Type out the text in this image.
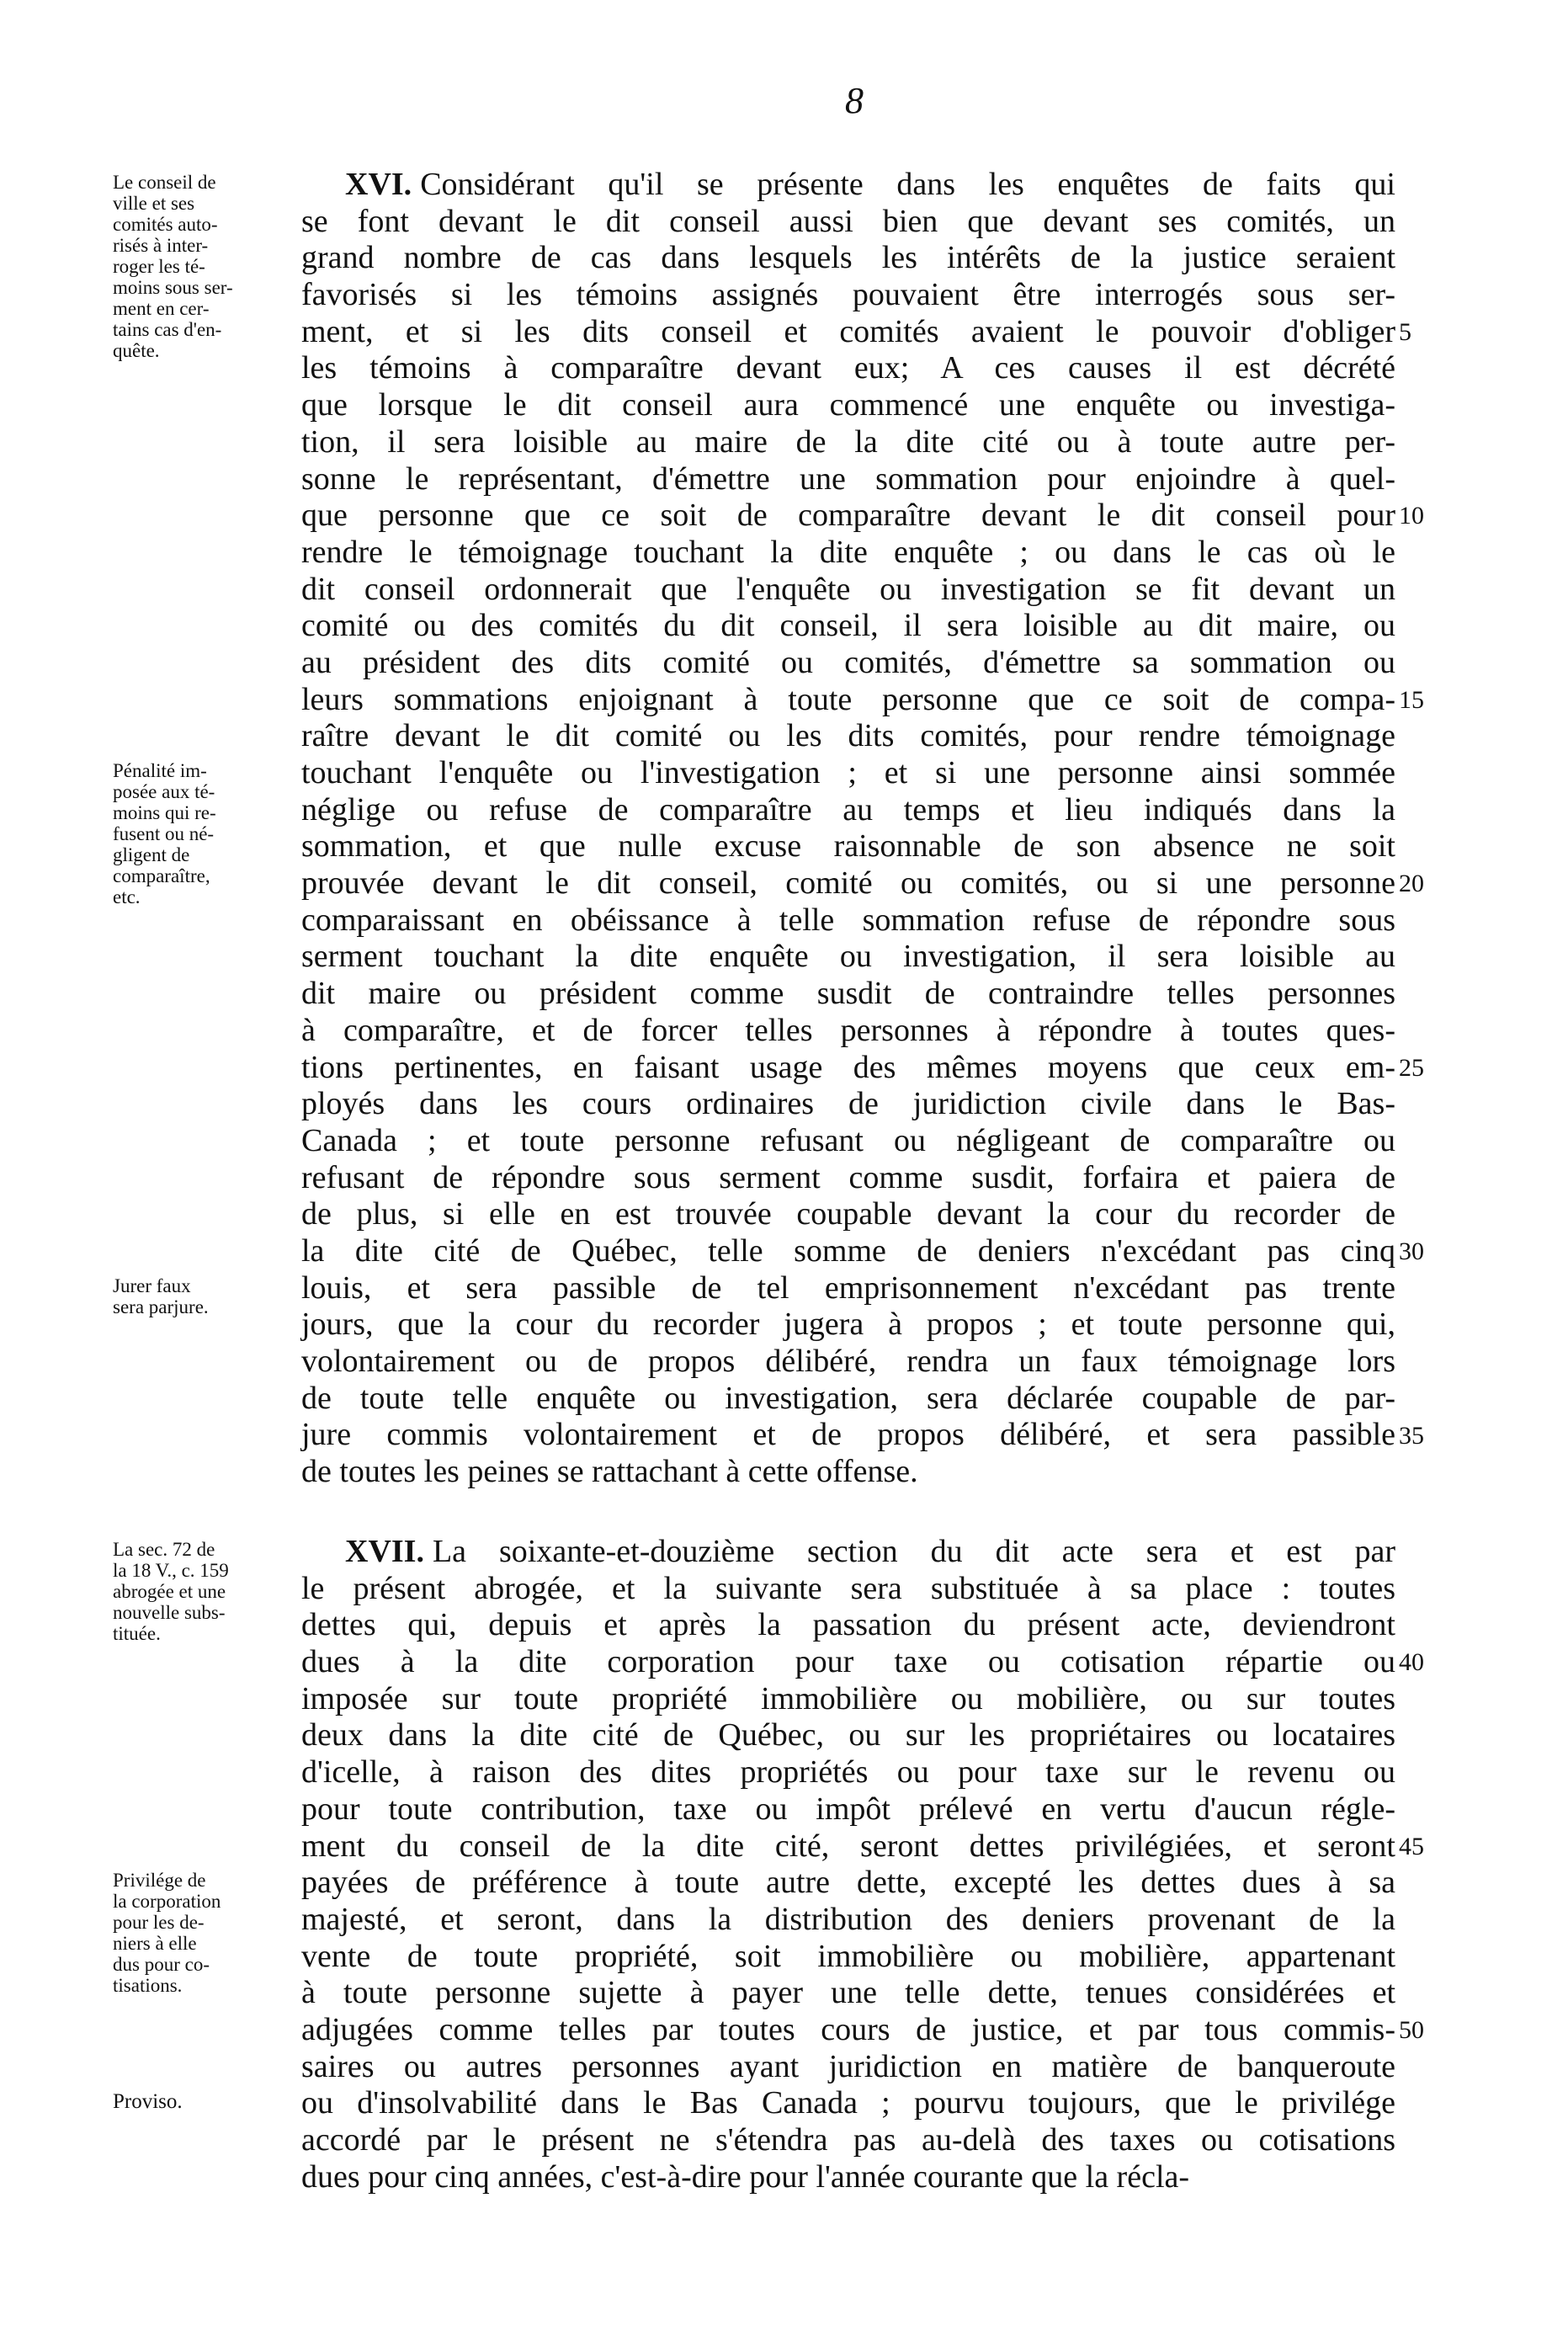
8
XVI. Considérant qu'il se présente dans les enquêtes de faits qui
se font devant le dit conseil aussi bien que devant ses comités, un
grand nombre de cas dans lesquels les intérêts de la justice seraient
favorisés si les témoins assignés pouvaient être interrogés sous ser-
ment, et si les dits conseil et comités avaient le pouvoir d'obliger
les témoins à comparaître devant eux; A ces causes il est décrété
que lorsque le dit conseil aura commencé une enquête ou investiga-
tion, il sera loisible au maire de la dite cité ou à toute autre per-
sonne le représentant, d'émettre une sommation pour enjoindre à quel-
que personne que ce soit de comparaître devant le dit conseil pour
rendre le témoignage touchant la dite enquête ; ou dans le cas où le
dit conseil ordonnerait que l'enquête ou investigation se fit devant un
comité ou des comités du dit conseil, il sera loisible au dit maire, ou
au président des dits comité ou comités, d'émettre sa sommation ou
leurs sommations enjoignant à toute personne que ce soit de compa-
raître devant le dit comité ou les dits comités, pour rendre témoignage
touchant l'enquête ou l'investigation ; et si une personne ainsi sommée
néglige ou refuse de comparaître au temps et lieu indiqués dans la
sommation, et que nulle excuse raisonnable de son absence ne soit
prouvée devant le dit conseil, comité ou comités, ou si une personne
comparaissant en obéissance à telle sommation refuse de répondre sous
serment touchant la dite enquête ou investigation, il sera loisible au
dit maire ou président comme susdit de contraindre telles personnes
à comparaître, et de forcer telles personnes à répondre à toutes ques-
tions pertinentes, en faisant usage des mêmes moyens que ceux em-
ployés dans les cours ordinaires de juridiction civile dans le Bas-
Canada ; et toute personne refusant ou négligeant de comparaître ou
refusant de répondre sous serment comme susdit, forfaira et paiera de
de plus, si elle en est trouvée coupable devant la cour du recorder de
la dite cité de Québec, telle somme de deniers n'excédant pas cinq
louis, et sera passible de tel emprisonnement n'excédant pas trente
jours, que la cour du recorder jugera à propos ; et toute personne qui,
volontairement ou de propos délibéré, rendra un faux témoignage lors
de toute telle enquête ou investigation, sera déclarée coupable de par-
jure commis volontairement et de propos délibéré, et sera passible
de toutes les peines se rattachant à cette offense.
5
10
15
20
25
30
35
Le conseil de
ville et ses
comités auto-
risés à inter-
roger les té-
moins sous ser-
ment en cer-
tains cas d'en-
quête.
Pénalité im-
posée aux té-
moins qui re-
fusent ou né-
gligent de
comparaître,
etc.
Jurer faux
sera parjure.
XVII. La soixante-et-douzième section du dit acte sera et est par
le présent abrogée, et la suivante sera substituée à sa place : toutes
dettes qui, depuis et après la passation du présent acte, deviendront
dues à la dite corporation pour taxe ou cotisation répartie ou
imposée sur toute propriété immobilière ou mobilière, ou sur toutes
deux dans la dite cité de Québec, ou sur les propriétaires ou locataires
d'icelle, à raison des dites propriétés ou pour taxe sur le revenu ou
pour toute contribution, taxe ou impôt prélevé en vertu d'aucun régle-
ment du conseil de la dite cité, seront dettes privilégiées, et seront
payées de préférence à toute autre dette, excepté les dettes dues à sa
majesté, et seront, dans la distribution des deniers provenant de la
vente de toute propriété, soit immobilière ou mobilière, appartenant
à toute personne sujette à payer une telle dette, tenues considérées et
adjugées comme telles par toutes cours de justice, et par tous commis-
saires ou autres personnes ayant juridiction en matière de banqueroute
ou d'insolvabilité dans le Bas Canada ; pourvu toujours, que le privilége
accordé par le présent ne s'étendra pas au-delà des taxes ou cotisations
dues pour cinq années, c'est-à-dire pour l'année courante que la récla-
40
45
50
La sec. 72 de
la 18 V., c. 159
abrogée et une
nouvelle subs-
tituée.
Privilége de
la corporation
pour les de-
niers à elle
dus pour co-
tisations.
Proviso.
